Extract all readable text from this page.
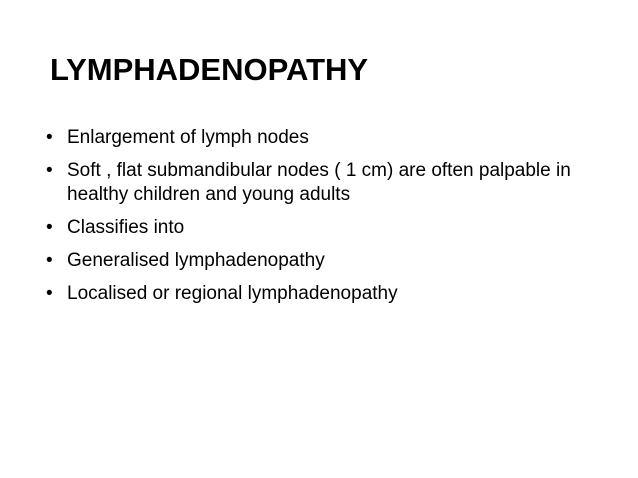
LYMPHADENOPATHY
• Enlargement of lymph nodes
• Soft , flat submandibular nodes ( 1 cm) are often palpable in healthy children and young adults
• Classifies into
• Generalised lymphadenopathy
• Localised or regional lymphadenopathy
